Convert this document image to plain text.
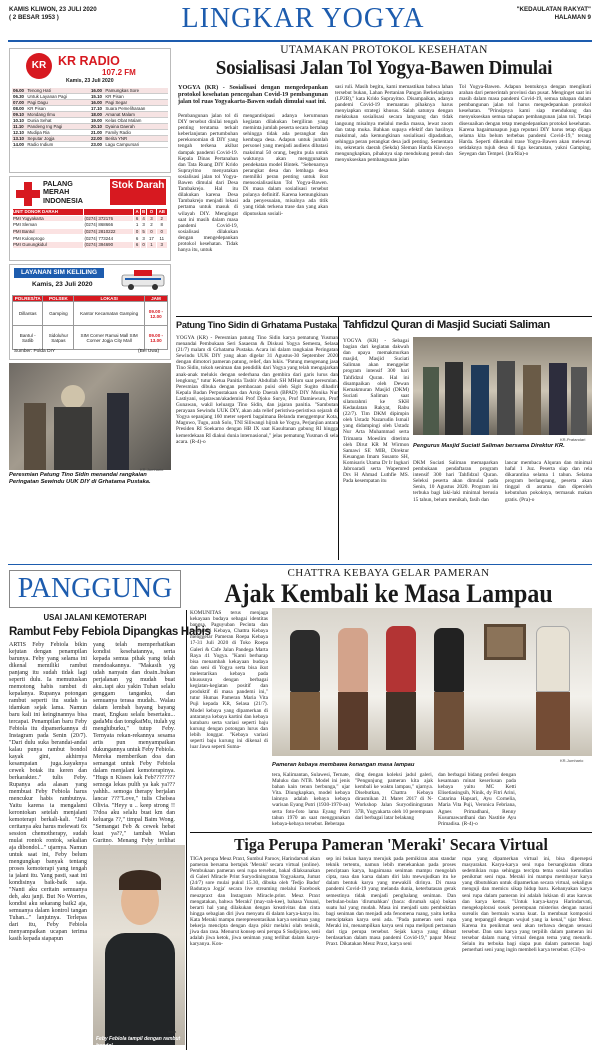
KAMIS KLIWON, 23 JULI 2020
( 2 BESAR 1953 )	LINGKAR YOGYA	"KEDAULATAN RAKYAT"
HALAMAN 9
KR KR RADIO
107.2 FM
Kamis, 23 Juli 2020
06.00	Tenong Hati	16.00	Pamungkas Sore
06.30	Untuk Layanan Pagi	15.10	KR Pisan
07.00	Pagi Dagu	16.00	Pagi Segar
08.00	KR Pisan	17.10	Suara Pemeliharaan
09.10	Mondang Ilmu	18.00	Amanat Malam
10.10	Dunia Sehat	19.00	Kelas Obat Malam
11.10	Pandeng Ing Pagi	20.10	Dyaina Daerah
12.10	Mudipa Ria	21.00	Family Radio
13.10	Seputar Jogja	22.00	Berita YNR
14.00	Radio Indium	23.00	Lagu Campursari
PALANG
MERAH
INDONESIA
Stok Darah
UNIT DONOR DARAH		A	B	O	AB
PMI Yogyakarta	(0274) 372176	6	4	3	2
PMI Sleman	(0274) 868666	1	3	2	8
PMI Bantul	(0274) 2810222	0	5	0	0
PMI Kulonprogo	(0274) 773244	6	3	17	11
PMI Gunungkidul	(0274) 394690	6	0	1	3
LAYANAN SIM KELILING
Kamis, 23 Juli 2020
POLRES/TA	POLSEK	LOKASI	JAM
Dillantas	Gamping	Kantor Kecamatan Gamping	09.00 - 12.00
Bantul - Satlib	Sidoluhur Satpas	SIM Corner Ramai Mall SIM Corner Jogja City Mall	09.00 - 13.00
Sumber: Polda DIY	(Bei Uwa)
UTAMAKAN PROTOKOL KESEHATAN
Sosialisasi Jalan Tol Yogya-Bawen Dimulai
YOGYA (KR) - Sosialisasi dengan mengedepankan protokol kesehatan pencegahan Covid-19 pembangunan jalan tol ruas Yogyakarta-Bawen sudah dimulai saat ini.
Pembangunan jalan tol di DIY tersebut dinilai tengah penting terutama terkait keberlanjutan pertumbuhan perekonomian di DIY yang tengah terkena akibat dampak pandemi Covid-19. Kepala Dinas Pertanahan dan Tata Ruang DIY Krido Suprayitno menyatakan sosialisasi jalan tol Yogya-Bawen dimulai dari Desa Tambakrejo. Hal itu dilakukan karena Desa Tambakrejo menjadi lokasi pertama untuk masuk di wilayah DIY. Mengingat saat ini masih dalam masa pandemi Covid-19, sosialisasi dilakukan dengan mengedepankan protokol kesehatan. Tidak hanya itu, untuk
mengantisipasi adanya kerumunan kegiatan dilakukan bergiliran yang meminta jumlah peserta secara bertahap sehingga tidak ada perangkat dan kembaga desa. Adapun untuk jumlah personel yang menjadi audiens dibatasi maksimal 50 orang, begitu pula untuk waktunya akan menggunakan pendekatan model Bintek. "Sebenarnya perangkat desa dan lembaga desa memiliki peran penting untuk ikut mensosialisasikan Tol Yogya-Bawen. Di masa dalam sosialisasi tersebut polanya definitif. Karena kemungkinan ada penyesuaian, misalnya ada titik yang tidak terkena trase dan yang akan diputuskan sosiali-
sasi ruli. Masih begitu, kami memastikan bahwa lahan tersebut bukan, Lahan Pertanian Pangan Berkelanjutan (LP2B)," kata Krido Suprayitno. Disampaikan, adanya pandemi Covid-19 memantau pihaknya harus menyiapkan strategi khusus. Salah satunya dengan melakukan sosialisasi secara langsung dan tidak langsung misalnya melalui media massa, lewat zoom dan tatap muka. Bahkan supaya efektif dan hasilnya maksimal, ada kemungkinan sosialisasi dipadatkan, sehingga peran perangkat desa jadi penting. Sementara itu, sekretaris daerah (Sekda) Sleman Harda Kiswoyo mengungkapkan, pihaknya siap mendukung penuh dan menyukseskan pembangunan jalan
Tol Yogya-Bawen. Adapun bentuknya dengan mengikuti arahan dari pemerintah provinsi dan pusat. Menginget saat ini masih dalam masa pandemi Covid-19, semua tahapan dalam pembangunan jalan tol harus mengedepankan protokol kesehatan. "Prinsipnya kami siap mendukung dan menyukseskan semua tahapan pembangunan jalan tol. Tetapi disesuaikan dengan tetap mengedepankan protokol kesehatan. Karena bagaimanapun juga reputasi DIY harus tetap dijaga selama kita belum terbebas pandemi Covid-19," terang Harda. Seperti diketahui trase Yogya-Bawen akan melewati setidaknya tujuh desa di tiga kecamatan, yakni Gamping, Seyegan dan Tempel. (Ira/Ria)-o
Patung Tino Sidin di Grhatama Pustaka
YOGYA (KR) - Peresmian patung Tino Sidin karya pematung Yusman menandai Pembukaan Seri Sasaeran & Diskusi Yogya Semesta, Selasa (21/7) malam di Grhatama Pustaka. Acara ini dalam rangkaian Peringatan Sewindu UUK DIY yang akan digelar 31 Agustus-30 September 2020 dengan dimotori pameran patung, relief, dan lukis. "Patung mengenang jasa Tino Sidin, tokoh seniman dan pendidik dari Yogya yang telah mengajarkan anak-anak melukis dengan sederhana dan gembira dari garis lurus dan lengkung," tutur Ketua Panitia Tasbir Abdullah SH MHum saat peresmian. Peresmian dibuka dengan pembacaan puisi oleh Sigit Sugito dihadiri Kepala Badan Perpustakaan dan Arsip Daerah (BPAD) DIY Monika Nur Lastiyani, sejarawan/akademisi Prof Djoko Suryo, Prof Damiewuro, Prof Gunawan, wakil keluarga Tino Sidin, dan jajaran panitia. "Sambutan perayaan Sewindu UUK DIY, akan ada relief peristiwa-peristiwa sejarah di Yogya sepanjang 160 meter seperti bagaimana Belanda menggempur Kota, Maguwo, Tugu, arah Solo, TNI Siliwangi hijrah ke Yogya, Perjanjian antara Presiden RI Soekarno dengan HB IX saat Kasultanan gabung RI hingga kemerdekaan RI diakui dunia internasional," jelas pematung Yusman di sela acara. (R-4)-o
KR-Jumhario
Peresmian Patung Tino Sidin menandai rangkaian Peringatan Sewindu UUK DIY di Grhatama Pustaka.
Tahfidzul Quran di Masjid Suciati Saliman
YOGYA (KR) - Sebagai bagian dari kegiatan dakwah dan upaya memakmurkan masjid, Masjid Suciati Saliman akan menggelar program intensif 300 hari Tahfidzul Quran. Hal ini disampaikan oleh Dewan Kemakmuran Masjid (DKM) Suciati Saliman saat silaturahmi ke SKH Kedaulatan Rakyat, Rabu (22/7). Tim DKM dipimpin oleh Ustadz Nazarudin Ismail yang didampingi oleh Ustadz Nur Arta Muhammad serta Trimanta Moeslim diterima oleh Dirut KR M Wirmon Samawi SE MIB, Direktur Keuangan Imam Susanto SH, Komisaris Utama Dr Ir Ingkari Jabroaradi serta Wapemred Drs H Ahmad Luthfie MS. Pada kesempatan itu
KR-Pratandari
Pengurus Masjid Suciati Saliman bersama Direktur KR.
DKM Suciati Saliman memaparkan pembukaan pendaftaran program intensif 300 hari Tahfidzul Quran. Seleksi peserta akan dimulai pada Senin, 10 Agustus 2020. Program ini terbuka bagi laki-laki minimal berusia 15 tahun, belum menikah, fasih dan
lancar membaca Alquran dan minimal hafal 1 Juz. Peserta siap dan rela dikarantina selama 1 tahun. Selama program berlangsung, peserta akan tinggal di asrama dan diperoleh kebutuhan pokoknya, termasuk makan gratis. (Pra)-o
PANGGUNG	CHATTRA KEBAYA GELAR PAMERAN
Ajak Kembali ke Masa Lampau
USAI JALANI KEMOTERAPI
Rambut Feby Febiola Dipangkas Habis
ARTIS Feby Febiola bikin kejutan dengan penampilan barunya. Feby yang selama ini dikenal memiliki rambut panjang itu sudah tidak lagi seperti dulu. Ia memutuskan memotong habis rambut di kepalanya. Rupanya potongan rambut seperti itu sudah ia idamkan sejak lama. Namun baru kali ini keinginannya bisa tercapai. Penampilan baru Feby Febiola itu dipamerkannya di Instagram pada Senin (20/7). "Dari dulu suka berandai-andai kalau punya rambut bondol kayak gini, akhirnya kesampaian juga..kayaknya cewek botak itu keren dan berkarakter.." tulis Feby. Rupanya ada alasan yang membuat Feby Febiola harus mencukur habis rambutnya. Yaitu karena ia mengalami kerontokan setelah menjalani kemoterapi berkali-kali. "Jadi ceritanya aku harus melewati 6x session chemotherapy, sudah mulai rontok rontok, sekalian aja dibondol..." ujarnya. Namun untuk saat ini, Feby belum mengungkap banyak tentang proses kemoterapi yang tengah ia jalani itu. Yang pasti, saat ini kondisinya baik-baik saja. "Nanti aku ceritain semuanya deh, aku janji. But No Worries, kondisi aku sekarang baik2 aja, semuanya dalam kontrol tangan Tuhan..." lanjutnya. Terlepas dari itu, Feby Febiola menyampaikan ucapan terima kasih kepada siapapun
yang telah memperhatikan kondisi kesehatannya, serta kepada semua pihak yang telah mendoakannya. "Makasih yg udah nanyain dan doain..bukan perjalanan yg mudah buat aku..tapi aku yakin Tuhan selalu genggam tanganku, dan semuanya terasa mudah.. Walau dalam lembah bayang bayang maut, Engkau selalu besertaku... gadaMu dan tongkatMu, itulah yg menghiburku," tutup Feby. Ternyata rekan-rekannya sesama artis pun menyampaikan dukungannya untuk Feby Febiola. Mereka memberikan doa dan semangat untuk Feby Febiola dalam menjalani kemoterapinya. "Hugs n Kisses kak Feb???????? semoga lekas pulih ya kak ya??? yahhh.. semoga therapy berjalan lancar ???"Love," tulis Chelsea Olivia. "Heyy u .. keep strong !! ??doa aku selalu buat km dan keluarga ??," timpal Baim Wong. "Semangat Feb & cewek hebat kuat ya??," tambah Wulan Guritno. Menang Feby terlihat
Feby Febiola tampil dengan rambut bondol.
Insta
KOMUNITAS terus menjaga kekayaan budaya sebagai identitas bangsa, Paguyuban Pecinta dan Pemerhati Kebaya, Chattra Kebaya menggelar Pameran Roepa Kebaya 17-31 Juli 2020 di Toko Roepa Galeri & Cafe Jalan Pandega Marta Raya 41 Yogya. "Kami berharap bisa menambah kekayaan budaya dan seni di Yogya serta bisa ikut melestarikan kebaya pada khususnya dengan berbagai kegiatan-kegiatan positif dan produktif di masa pandemi ini," tutur Humas Pameran Maria Vita Puji kepada KR, Selasa (21/7). Model kebaya yang dipamerkan di antaranya kebaya kartini dan kebaya kutubaru serta variasi seperti baju kurung dengan potongan lurus dan lebih longgar. "Kebaya variasi seperti baju kurung ini dikenal di luar Jawa seperti Suma-
KR-Jumhario
Pameran kebaya membawa kenangan masa lampau
tera, Kalimantan, Sulawesi, Ternate, Maluku dan NTB. Model ini jenis bahan kain tenun berbunga," ujar Vita. Diungkapkan, model kebaya lainnya adalah kebaya kebaya warisan Eyang Putri (1930-1970-an) serta foto-foto lama Eyang Putri tahun 1970 an saat menggunakan kebaya-kebaya tersebut. Beberapa
ding dengan koleksi jadul galeri, "Pengunjung pameran kita ajak kembali ke waktu lampau," ujarnya. Disebutkan, Chattra Kebaya dirasmikan 21 Maret 2017 di N-Workshop Jalan Suryodiningratan 37B, Yogyakarta oleh 10 perempuan dari berbagai latar belakang
dan berbagai bidang profesi dengan kesamaan minat keseriusan pada kebaya yaitu MC Ketti Elisetiasingsih, Ninik, dy Fitri Arini, Catarina Hapsari, Ayu Cornelia, Maria Vita Puji, Veronica Febriana, Agnes Primadhani, Renny Kusumawardhani dan Nastitie Ayu Primadisa. (R-4)-o
Tiga Perupa Pameran 'Meraki' Secara Virtual
TIGA perupa Meuz Praxt, Sumbul Paroov, Harindarvati akan pameran bersama bertajuk 'Meraki' secara virtual (online). Pembukaan pameran seni rupa tersebut, bakal dilaksanakan di Galeri Miracle Print Suryodiningratan Yogyakarta, Jumat (24/7) sore mulai pukul 15.30, dibuka oleh 'Tedjo Badut' Badutaya Jogja' secara live streaming melalui Facebook meuzpraxt dan Instagram Miracle.print. Meuz Praxt mengatakan, bahwa 'Meraki' (may-rah-kee), bahasa Yunani, berarti hal yang dilakukan dengan kreativitas dan cinta hingga sebagian diri jiwa menyatu di dalam karya-karya itu. Kata Meraki mampu merepresentasikan karya seniman yang bekerja mencipta dengan daya pikir melalui olah tenisik, jiwa dan rasa. Menurut konsep seni perupa S Sudjojono, seni adalah jiwa ketok, jiwa seniman yang terlihat dalam karya-karyanya. Kon-
sep ini bukan hanya merujuk pada pemikiran atau standar teknik tertentu, namun lebih menekankan pada proses penciptaan karya, bagaimana seniman mampu mengolah cipta, rasa dan karsa dalam diri lalu mewujudkan itu ke dalam bentuk karya yang mewakili dirinya. Di masa pandemi Covid-19 yang melanda dunia, keterbatasan gerak semestinya tidak menjadi penghalang seniman. Dan berbulan-bulan 'dirumahkan' (baca: dirumah saja) bukan suatu hal yang mudah. Masa ini menjadi satu pembuktian bagi seniman dan menjadi ada fenomena ruang, yaitu ketika menciptakan karya seni ada. "Pada pameran seni rupa Meraki ini, menampilkan karya seni rupa meliputi pertaunan dari tiga perupa tersebut. Sejak karya yang dibuat berdasarkan dalam masa pandemi Covid-19," papar Meuz Praxt. Dikatakan Meuz Praxt, karya seni
rupa yang dipamerkan virtual ini, bisa dipersepsi masyarakat. Karya-karya seni rupa bersangkutan ditata sedemikian rupa sehingga tercipta tema sosial kemudian penikmat seni rupa. Meraki ini mampu membayar karya yang dibutuhkan untuk dipamerkan secara virtual, sekaligus menguji dan memicu sikap hidup baru. Kebanyakan karya seni rupa dalam pameran ini adalah lukisan di atas kanvas dan karya kertas. "Untuk karya-karya Harindarvati, mengeksplorasi sosok perempuan misterius dengan narasi surealis dan bermain warna kuat. Ia membuat komposisi yang terpanggil dengan wujud yang ia kenal," ujar Meuz. Karena itu penikmat seni akan terbawa dengan sensasi tersebut. Dan satu karya yang terpilih dalam pameran ini tersebar dalam ruang virtual dengan tema yang menarik. Selain itu terbuka bagi siapa pun dalam pameran bagi pemerhati seni yang ingin membeli karya tersebut. (Cil)-o
